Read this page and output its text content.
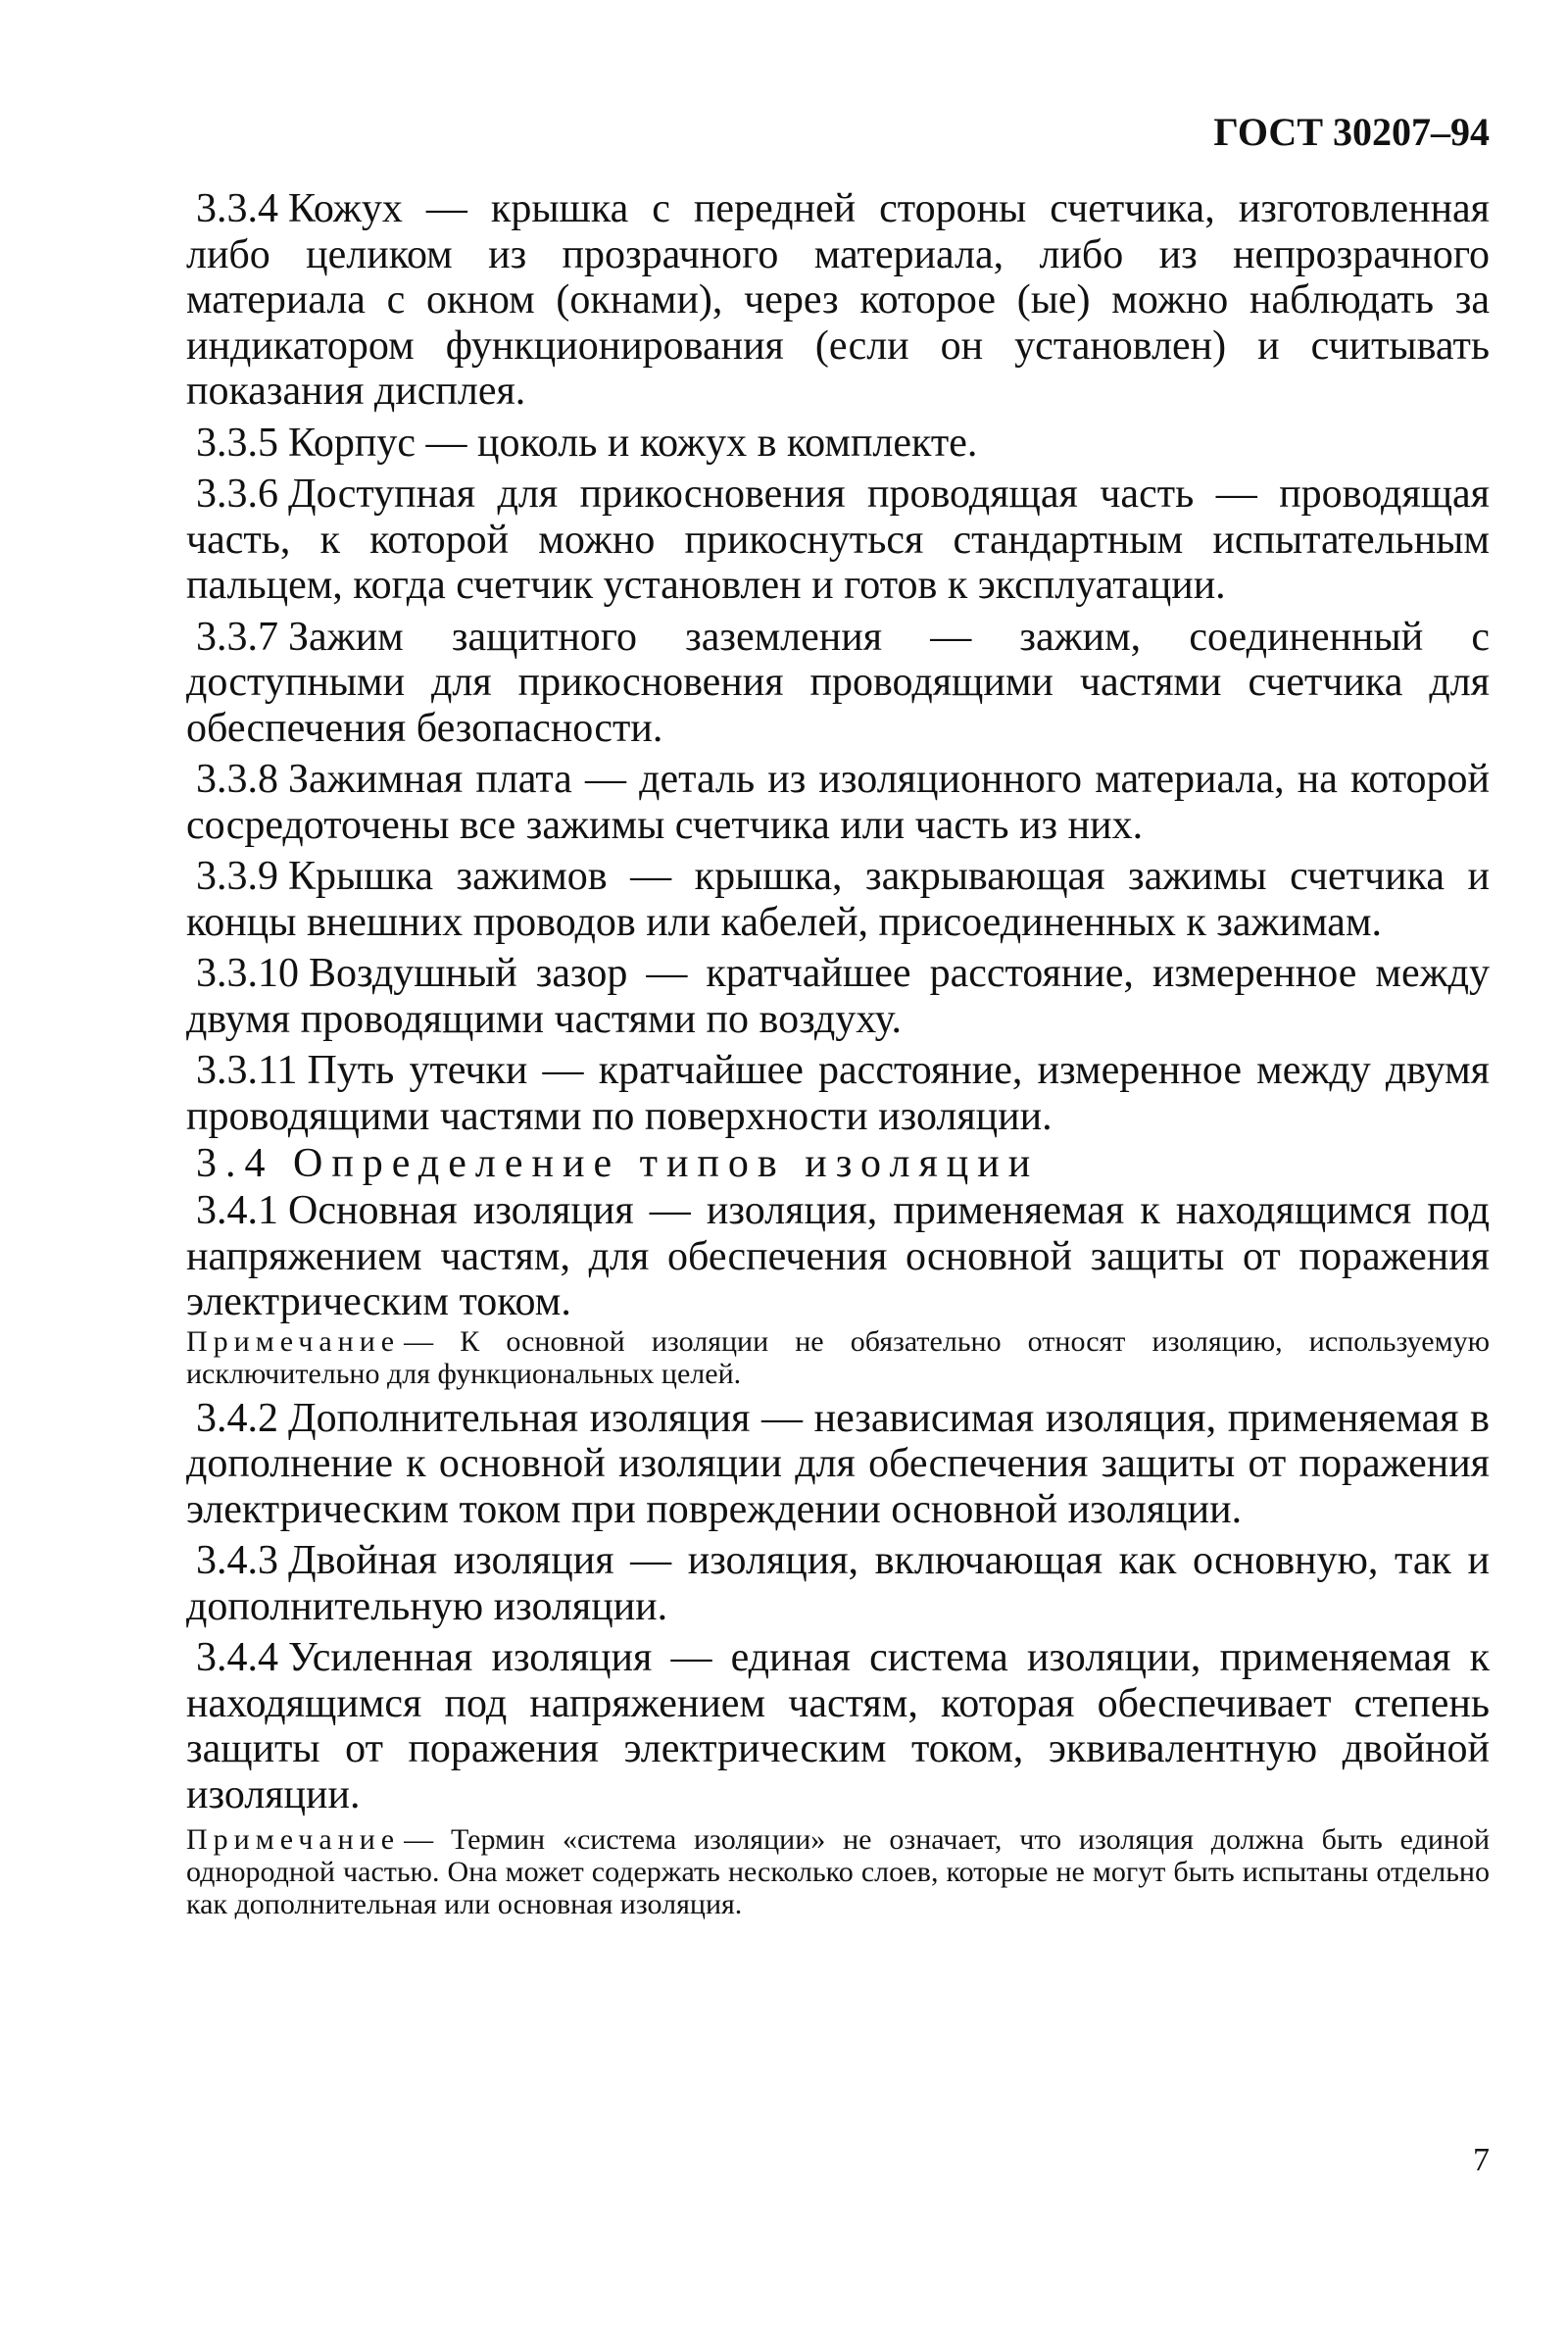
ГОСТ 30207–94

3.3.4 Кожух — крышка с передней стороны счетчика, изготовленная либо целиком из прозрачного материала, либо из непрозрачного материала с окном (окнами), через которое (ые) можно наблюдать за индикатором функционирования (если он установлен) и считывать показания дисплея.

3.3.5 Корпус — цоколь и кожух в комплекте.

3.3.6 Доступная для прикосновения проводящая часть — проводящая часть, к которой можно прикоснуться стандартным испытательным пальцем, когда счетчик установлен и готов к эксплуатации.

3.3.7 Зажим защитного заземления — зажим, соединенный с доступными для прикосновения проводящими частями счетчика для обеспечения безопасности.

3.3.8 Зажимная плата — деталь из изоляционного материала, на которой сосредоточены все зажимы счетчика или часть из них.

3.3.9 Крышка зажимов — крышка, закрывающая зажимы счетчика и концы внешних проводов или кабелей, присоединенных к зажимам.

3.3.10 Воздушный зазор — кратчайшее расстояние, измеренное между двумя проводящими частями по воздуху.

3.3.11 Путь утечки — кратчайшее расстояние, измеренное между двумя проводящими частями по поверхности изоляции.

3.4 Определение типов изоляции

3.4.1 Основная изоляция — изоляция, применяемая к находящимся под напряжением частям, для обеспечения основной защиты от поражения электрическим током.

Примечание — К основной изоляции не обязательно относят изоляцию, используемую исключительно для функциональных целей.

3.4.2 Дополнительная изоляция — независимая изоляция, применяемая в дополнение к основной изоляции для обеспечения защиты от поражения электрическим током при повреждении основной изоляции.

3.4.3 Двойная изоляция — изоляция, включающая как основную, так и дополнительную изоляции.

3.4.4 Усиленная изоляция — единая система изоляции, применяемая к находящимся под напряжением частям, которая обеспечивает степень защиты от поражения электрическим током, эквивалентную двойной изоляции.

Примечание — Термин «система изоляции» не означает, что изоляция должна быть единой однородной частью. Она может содержать несколько слоев, которые не могут быть испытаны отдельно как дополнительная или основная изоляция.

7
